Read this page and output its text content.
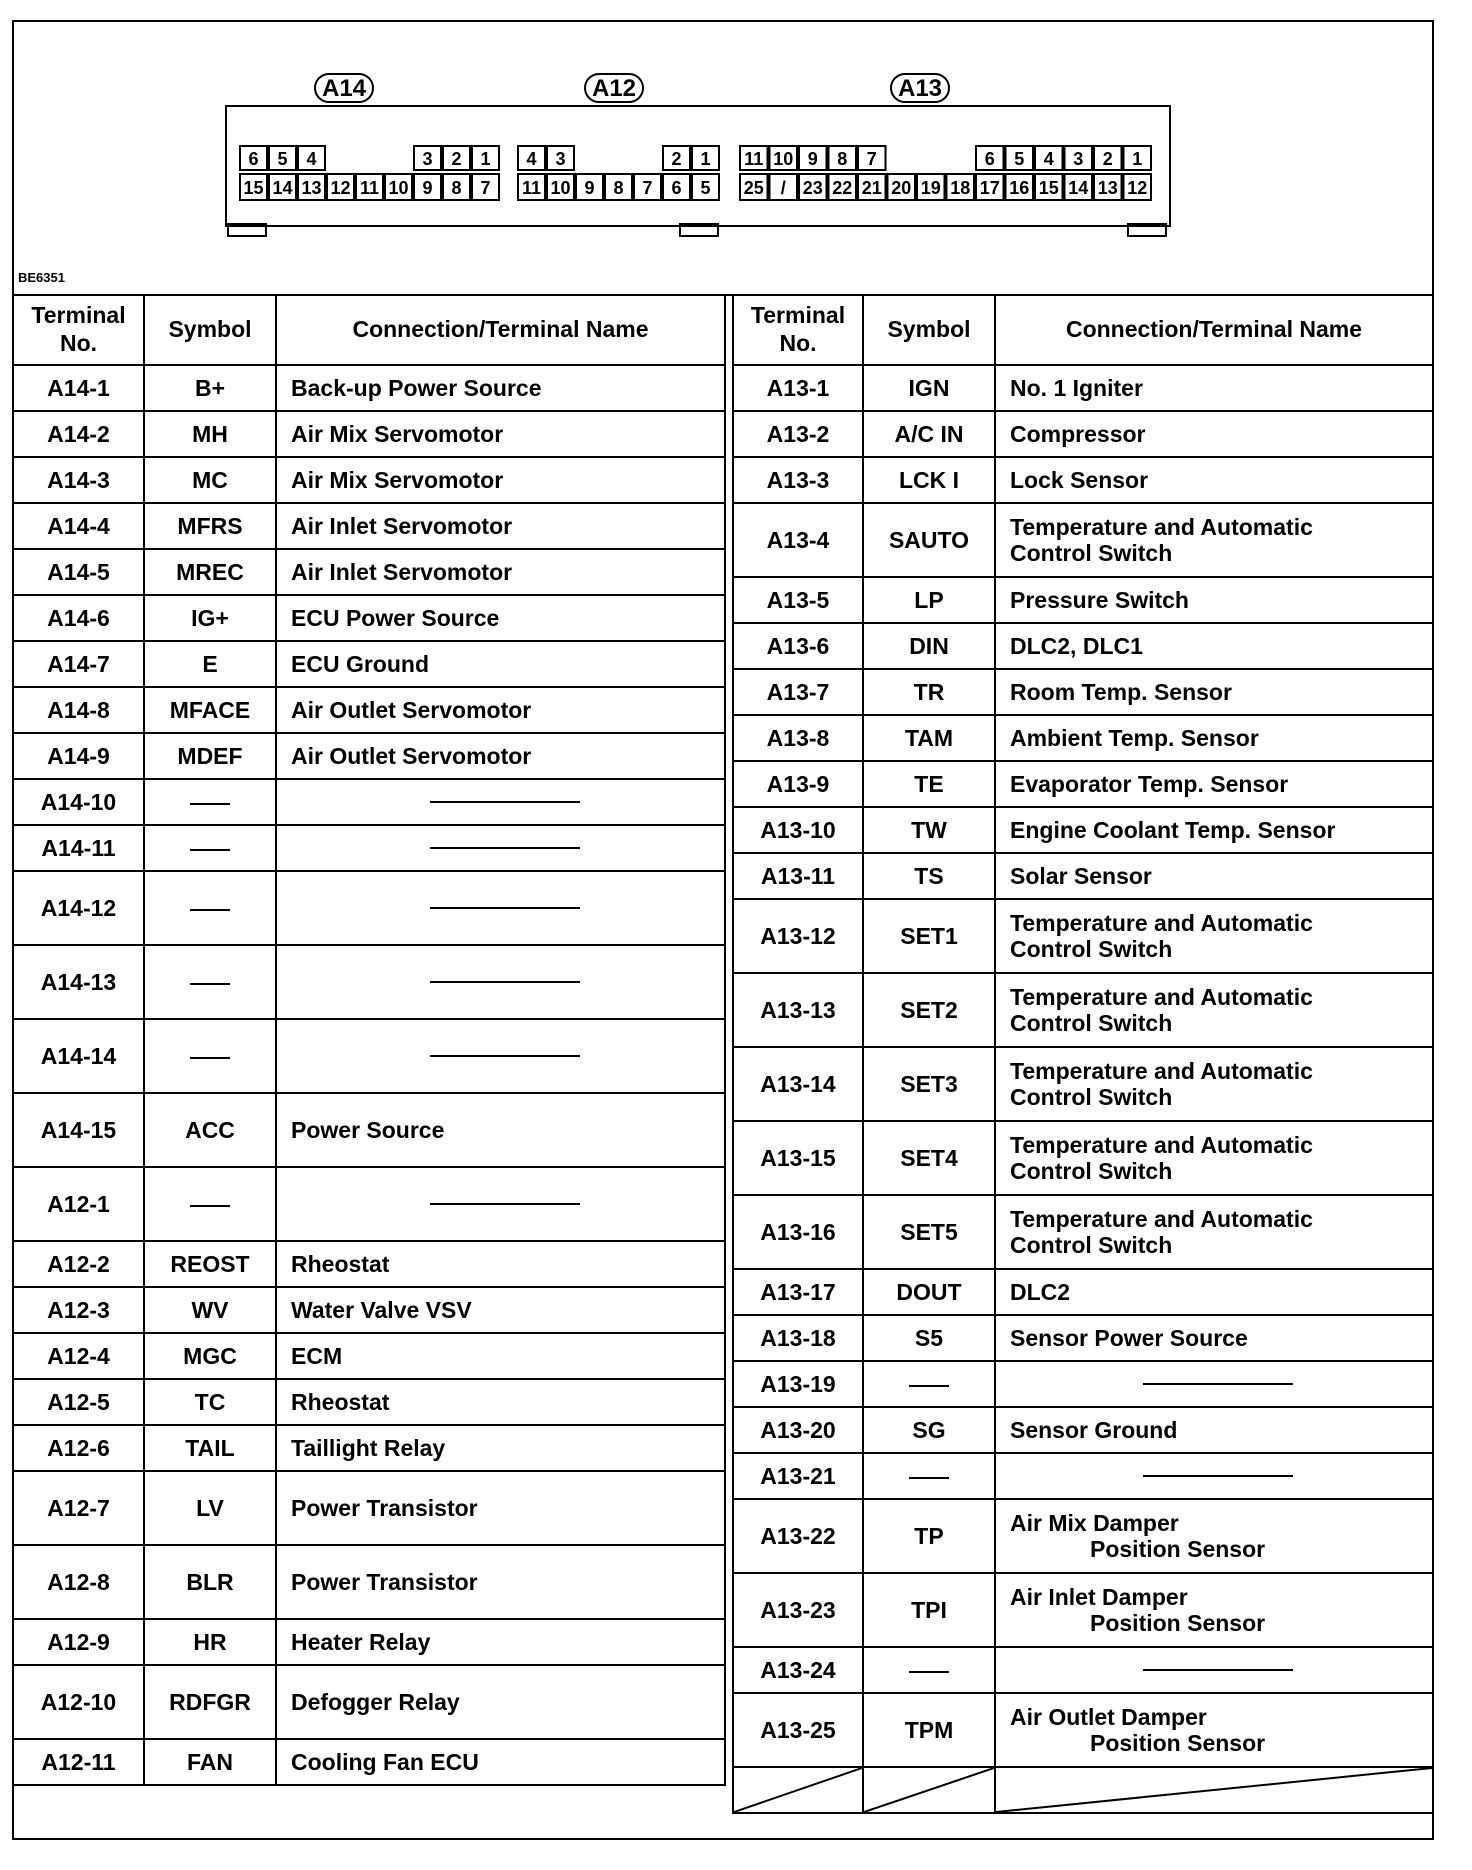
A14
6 5 4	3 2 1
15 14 13 12 11 10 9 8 7
A12
4 3	2 1
11 10 9 8 7 6 5
A13
11 10 9 8 7	6 5 4 3 2 1
25 / 23 22 21 20 19 18 17 16 15 14 13 12
BE6351
Terminal No.	Symbol	Connection/Terminal Name
A14-1	B+	Back-up Power Source

A14-2	MH	Air Mix Servomotor

A14-3	MC	Air Mix Servomotor

A14-4	MFRS	Air Inlet Servomotor

A14-5	MREC	Air Inlet Servomotor

A14-6	IG+	ECU Power Source

A14-7	E	ECU Ground

A14-8	MFACE	Air Outlet Servomotor

A14-9	MDEF	Air Outlet Servomotor

A14-10		

A14-11		

A14-12		

A14-13		

A14-14		

A14-15	ACC	Power Source

A12-1		

A12-2	REOST	Rheostat

A12-3	WV	Water Valve VSV

A12-4	MGC	ECM

A12-5	TC	Rheostat

A12-6	TAIL	Taillight Relay

A12-7	LV	Power Transistor

A12-8	BLR	Power Transistor

A12-9	HR	Heater Relay

A12-10	RDFGR	Defogger Relay

A12-11	FAN	Cooling Fan ECU
Terminal No.	Symbol	Connection/Terminal Name
A13-1	IGN	No. 1 Igniter

A13-2	A/C IN	Compressor

A13-3	LCK I	Lock Sensor

A13-4	SAUTO	Temperature and Automatic
Control Switch

A13-5	LP	Pressure Switch

A13-6	DIN	DLC2, DLC1

A13-7	TR	Room Temp. Sensor

A13-8	TAM	Ambient Temp. Sensor

A13-9	TE	Evaporator Temp. Sensor

A13-10	TW	Engine Coolant Temp. Sensor

A13-11	TS	Solar Sensor

A13-12	SET1	Temperature and Automatic
Control Switch

A13-13	SET2	Temperature and Automatic
Control Switch

A13-14	SET3	Temperature and Automatic
Control Switch

A13-15	SET4	Temperature and Automatic
Control Switch

A13-16	SET5	Temperature and Automatic
Control Switch

A13-17	DOUT	DLC2

A13-18	S5	Sensor Power Source

A13-19		

A13-20	SG	Sensor Ground

A13-21		

A13-22	TP	Air Mix Damper
Position Sensor

A13-23	TPI	Air Inlet Damper
Position Sensor

A13-24		

A13-25	TPM	Air Outlet Damper
Position Sensor
